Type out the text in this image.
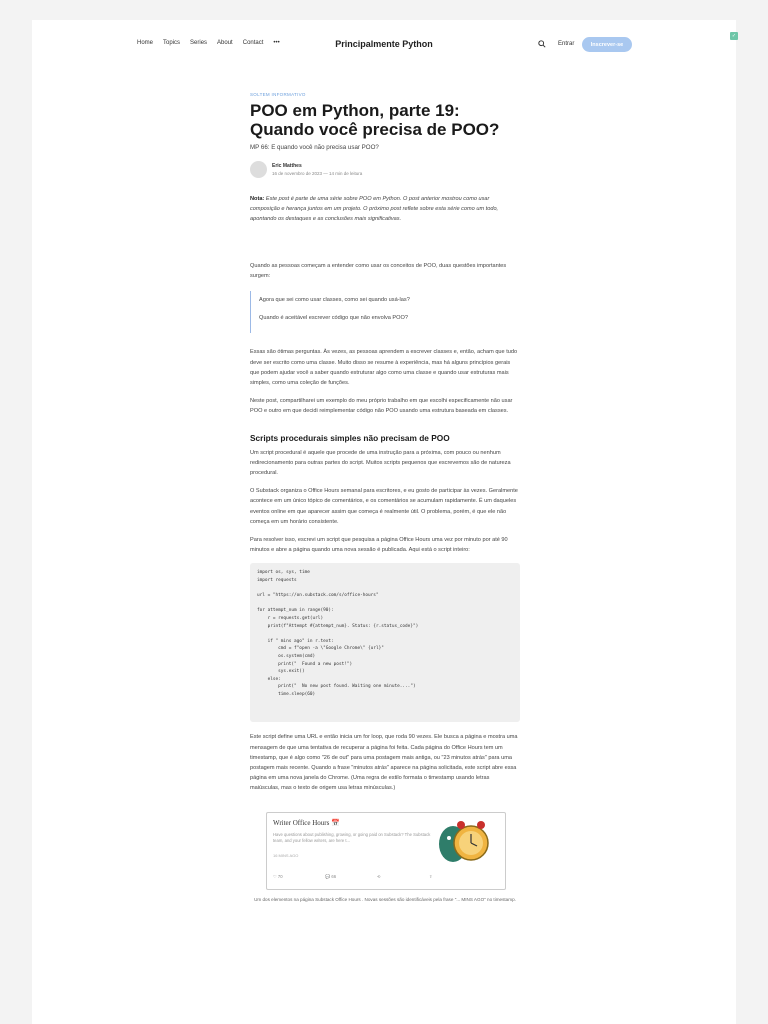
Home Topics Series About Contact •••	Principalmente Python	Entrar	Inscrever-se
SOLTEM INFORMATIVO
POO em Python, parte 19: Quando você precisa de POO?
MP 66: E quando você não precisa usar POO?
Eric Matthes
16 de novembro de 2023 — 14 min de leitura

Nota: Este post é parte de uma série sobre POO em Python. O post anterior mostrou como usar composição e herança juntos em um projeto. O próximo post reflete sobre esta série como um todo, apontando os destaques e as conclusões mais significativas.

Quando as pessoas começam a entender como usar os conceitos de POO, duas questões importantes surgem:

Agora que sei como usar classes, como sei quando usá-las?

Quando é aceitável escrever código que não envolva POO?

Essas são ótimas perguntas. Às vezes, as pessoas aprendem a escrever classes e, então, acham que tudo deve ser escrito como uma classe. Muito disso se resume à experiência, mas há alguns princípios gerais que podem ajudar você a saber quando estruturar algo como uma classe e quando usar estruturas mais simples, como uma coleção de funções.

Neste post, compartilharei um exemplo do meu próprio trabalho em que escolhi especificamente não usar POO e outro em que decidi reimplementar código não POO usando uma estrutura baseada em classes.

Scripts procedurais simples não precisam de POO

Um script procedural é aquele que procede de uma instrução para a próxima, com pouco ou nenhum redirecionamento para outras partes do script. Muitos scripts pequenos que escrevemos são de natureza procedural.

O Substack organiza o Office Hours semanal para escritores, e eu gosto de participar às vezes. Geralmente acontece em um único tópico de comentários, e os comentários se acumulam rapidamente. É um daqueles eventos online em que aparecer assim que começa é realmente útil. O problema, porém, é que ele não começa em um horário consistente.

Para resolver isso, escrevi um script que pesquisa a página Office Hours uma vez por minuto por até 90 minutos e abre a página quando uma nova sessão é publicada. Aqui está o script inteiro:

import os, sys, time
import requests

url = "https://on.substack.com/s/office-hours"

for attempt_num in range(90):
r = requests.get(url)
print(f"Attempt #{attempt_num}. Status: {r.status_code}")

if " mins ago" in r.text:
cmd = f"open -a \"Google Chrome\" {url}"
os.system(cmd)
print("  Found a new post!")
sys.exit()
else:
print("  No new post found. Waiting one minute....")
time.sleep(60)

Este script define uma URL e então inicia um for loop, que roda 90 vezes. Ele busca a página e mostra uma mensagem de que uma tentativa de recuperar a página foi feita. Cada página do Office Hours tem um timestamp, que é algo como "26 de out" para uma postagem mais antiga, ou "23 minutos atrás" para uma postagem mais recente. Quando a frase "minutos atrás" aparece na página solicitada, este script abre essa página em uma nova janela do Chrome. (Uma regra de estilo formata o timestamp usando letras maiúsculas, mas o texto de origem usa letras minúsculas.)

Writer Office Hours 📅
Have questions about publishing, growing, or going paid on Substack? The Substack team, and your fellow writers, are here t...
16 MINS AGO
♡ 70	💬 66	⟲	⇪
Um dos elementos na página Substack Office Hours . Novas sessões são identificáveis pela frase "... MINS AGO" no timestamp.
✓
